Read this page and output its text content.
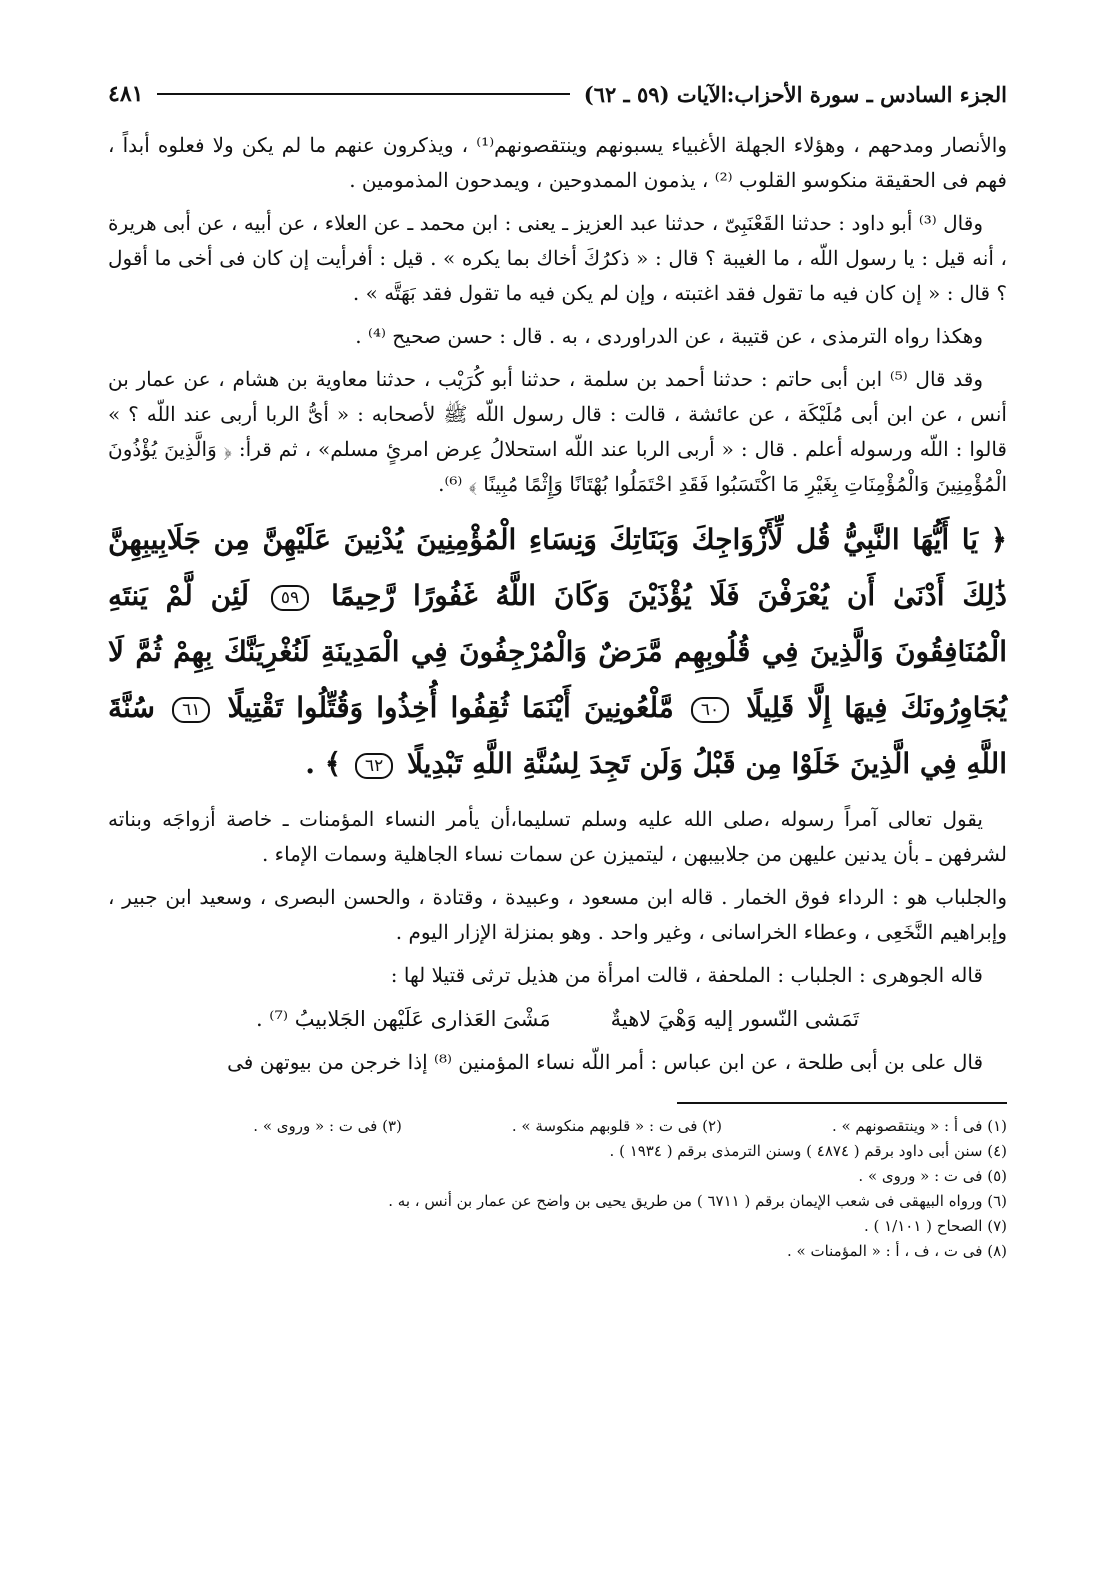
الجزء السادس ـ سورة الأحزاب:الآيات (٥٩ ـ ٦٢)
٤٨١

والأنصار ومدحهم ، وهؤلاء الجهلة الأغبياء يسبونهم وينتقصونهم⁽¹⁾ ، ويذكرون عنهم ما لم يكن ولا فعلوه أبداً ، فهم فى الحقيقة منكوسو القلوب ⁽²⁾ ، يذمون الممدوحين ، ويمدحون المذمومين .

وقال ⁽³⁾ أبو داود : حدثنا القَعْنَبِىّ ، حدثنا عبد العزيز ـ يعنى : ابن محمد ـ عن العلاء ، عن أبيه ، عن أبى هريرة ، أنه قيل : يا رسول اللّه ، ما الغيبة ؟ قال : « ذكرُكَ أخاك بما يكره » . قيل : أفرأيت إن كان فى أخى ما أقول ؟ قال : « إن كان فيه ما تقول فقد اغتبته ، وإن لم يكن فيه ما تقول فقد بَهَتَّه » .

وهكذا رواه الترمذى ، عن قتيبة ، عن الدراوردى ، به . قال : حسن صحيح ⁽⁴⁾ .

وقد قال ⁽⁵⁾ ابن أبى حاتم : حدثنا أحمد بن سلمة ، حدثنا أبو كُرَيْب ، حدثنا معاوية بن هشام ، عن عمار بن أنس ، عن ابن أبى مُلَيْكَة ، عن عائشة ، قالت : قال رسول اللّه ﷺ لأصحابه : « أىُّ الربا أربى عند اللّه ؟ » قالوا : اللّه ورسوله أعلم . قال : « أربى الربا عند اللّه استحلالُ عِرض امرئٍ مسلم» ، ثم قرأ: ﴿ وَالَّذِينَ يُؤْذُونَ الْمُؤْمِنِينَ وَالْمُؤْمِنَاتِ بِغَيْرِ مَا اكْتَسَبُوا فَقَدِ احْتَمَلُوا بُهْتَانًا وَإِثْمًا مُبِينًا ﴾ ⁽⁶⁾.

﴿ يَا أَيُّهَا النَّبِيُّ قُل لِّأَزْوَاجِكَ وَبَنَاتِكَ وَنِسَاءِ الْمُؤْمِنِينَ يُدْنِينَ عَلَيْهِنَّ مِن جَلَابِيبِهِنَّ ذَٰلِكَ أَدْنَىٰ أَن يُعْرَفْنَ فَلَا يُؤْذَيْنَ وَكَانَ اللَّهُ غَفُورًا رَّحِيمًا ٥٩ لَئِن لَّمْ يَنتَهِ الْمُنَافِقُونَ وَالَّذِينَ فِي قُلُوبِهِم مَّرَضٌ وَالْمُرْجِفُونَ فِي الْمَدِينَةِ لَنُغْرِيَنَّكَ بِهِمْ ثُمَّ لَا يُجَاوِرُونَكَ فِيهَا إِلَّا قَلِيلًا ٦٠ مَّلْعُونِينَ أَيْنَمَا ثُقِفُوا أُخِذُوا وَقُتِّلُوا تَقْتِيلًا ٦١ سُنَّةَ اللَّهِ فِي الَّذِينَ خَلَوْا مِن قَبْلُ وَلَن تَجِدَ لِسُنَّةِ اللَّهِ تَبْدِيلًا ٦٢ ﴾ .

يقول تعالى آمراً رسوله ،صلى الله عليه وسلم تسليما،أن يأمر النساء المؤمنات ـ خاصة أزواجَه وبناته لشرفهن ـ بأن يدنين عليهن من جلابيبهن ، ليتميزن عن سمات نساء الجاهلية وسمات الإماء .

والجلباب هو : الرداء فوق الخمار . قاله ابن مسعود ، وعبيدة ، وقتادة ، والحسن البصرى ، وسعيد ابن جبير ، وإبراهيم النَّخَعِى ، وعطاء الخراسانى ، وغير واحد . وهو بمنزلة الإزار اليوم .

قاله الجوهرى : الجلباب : الملحفة ، قالت امرأة من هذيل ترثى قتيلا لها :

تَمَشى النّسور إليه وَهْيَ لاهيةٌ
مَشْىَ العَذارى عَلَيْهن الجَلابيبُ ⁽⁷⁾ .

قال على بن أبى طلحة ، عن ابن عباس : أمر اللّه نساء المؤمنين ⁽⁸⁾ إذا خرجن من بيوتهن فى

(١) فى أ : « وينتقصونهم » .
(٢) فى ت : « قلوبهم منكوسة » .
(٣) فى ت : « وروى » .

(٤) سنن أبى داود برقم ( ٤٨٧٤ ) وسنن الترمذى برقم ( ١٩٣٤ ) .

(٥) فى ت : « وروى » .

(٦) ورواه البيهقى فى شعب الإيمان برقم ( ٦٧١١ ) من طريق يحيى بن واضح عن عمار بن أنس ، به .

(٧) الصحاح ( ١/١٠١ ) .

(٨) فى ت ، ف ، أ : « المؤمنات » .
